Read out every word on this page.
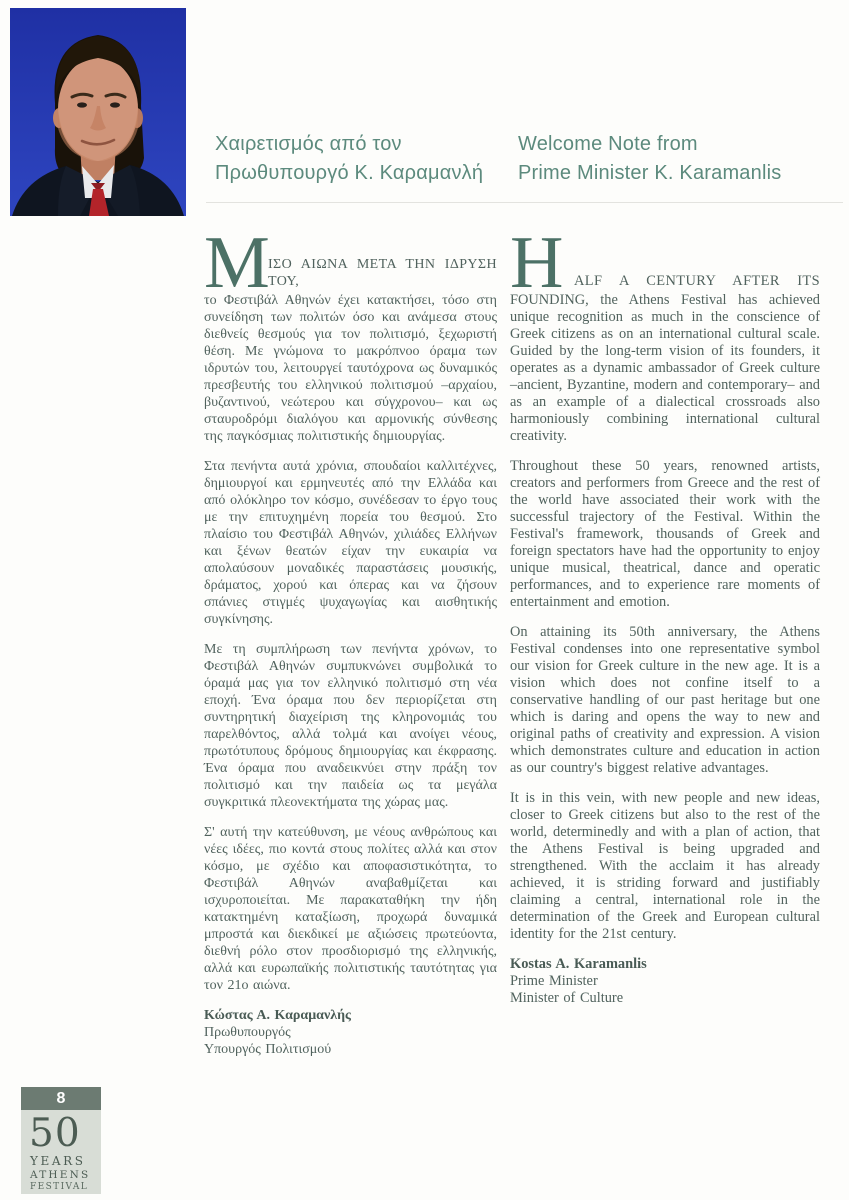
Χαιρετισμός από τον
Πρωθυπουργό Κ. Καραμανλή
Welcome Note from
Prime Minister K. Karamanlis
Μ
ΙΣΟ ΑΙΩΝΑ ΜΕΤΑ ΤΗΝ ΙΔΡΥΣΗ ΤΟΥ,

το Φεστιβάλ Αθηνών έχει κατακτήσει, τόσο στη συνείδηση των πολιτών όσο και ανάμεσα στους διεθνείς θεσμούς για τον πολιτισμό, ξεχωριστή θέση. Με γνώμονα το μακρόπνοο όραμα των ιδρυτών του, λειτουργεί ταυτόχρονα ως δυναμικός πρεσβευτής του ελληνικού πολιτισμού –αρχαίου, βυζαντινού, νεώτερου και σύγχρονου– και ως σταυροδρόμι διαλόγου και αρμονικής σύνθεσης της παγκόσμιας πολιτιστικής δημιουργίας.

Στα πενήντα αυτά χρόνια, σπουδαίοι καλλιτέχνες, δημιουργοί και ερμηνευτές από την Ελλάδα και από ολόκληρο τον κόσμο, συνέδεσαν το έργο τους με την επιτυχημένη πορεία του θεσμού. Στο πλαίσιο του Φεστιβάλ Αθηνών, χιλιάδες Ελλήνων και ξένων θεατών είχαν την ευκαιρία να απολαύσουν μοναδικές παραστάσεις μουσικής, δράματος, χορού και όπερας και να ζήσουν σπάνιες στιγμές ψυχαγωγίας και αισθητικής συγκίνησης.

Με τη συμπλήρωση των πενήντα χρόνων, το Φεστιβάλ Αθηνών συμπυκνώνει συμβολικά το όραμά μας για τον ελληνικό πολιτισμό στη νέα εποχή. Ένα όραμα που δεν περιορίζεται στη συντηρητική διαχείριση της κληρονομιάς του παρελθόντος, αλλά τολμά και ανοίγει νέους, πρωτότυπους δρόμους δημιουργίας και έκφρασης. Ένα όραμα που αναδεικνύει στην πράξη τον πολιτισμό και την παιδεία ως τα μεγάλα συγκριτικά πλεονεκτήματα της χώρας μας.

Σ' αυτή την κατεύθυνση, με νέους ανθρώπους και νέες ιδέες, πιο κοντά στους πολίτες αλλά και στον κόσμο, με σχέδιο και αποφασιστικότητα, το Φεστιβάλ Αθηνών αναβαθμίζεται και ισχυροποιείται. Με παρακαταθήκη την ήδη κατακτημένη καταξίωση, προχωρά δυναμικά μπροστά και διεκδικεί με αξιώσεις πρωτεύοντα, διεθνή ρόλο στον προσδιορισμό της ελληνικής, αλλά και ευρωπαϊκής πολιτιστικής ταυτότητας για τον 21ο αιώνα.

Κώστας Α. Καραμανλής
Πρωθυπουργός
Υπουργός Πολιτισμού
H ALF A CENTURY AFTER ITS

FOUNDING, the Athens Festival has achieved unique recognition as much in the conscience of Greek citizens as on an international cultural scale. Guided by the long-term vision of its founders, it operates as a dynamic ambassador of Greek culture –ancient, Byzantine, modern and contemporary– and as an example of a dialectical crossroads also harmoniously combining international cultural creativity.

Throughout these 50 years, renowned artists, creators and performers from Greece and the rest of the world have associated their work with the successful trajectory of the Festival. Within the Festival's framework, thousands of Greek and foreign spectators have had the opportunity to enjoy unique musical, theatrical, dance and operatic performances, and to experience rare moments of entertainment and emotion.

On attaining its 50th anniversary, the Athens Festival condenses into one representative symbol our vision for Greek culture in the new age. It is a vision which does not confine itself to a conservative handling of our past heritage but one which is daring and opens the way to new and original paths of creativity and expression. A vision which demonstrates culture and education in action as our country's biggest relative advantages.

It is in this vein, with new people and new ideas, closer to Greek citizens but also to the rest of the world, determinedly and with a plan of action, that the Athens Festival is being upgraded and strengthened. With the acclaim it has already achieved, it is striding forward and justifiably claiming a central, international role in the determination of the Greek and European cultural identity for the 21st century.

Kostas A. Karamanlis
Prime Minister
Minister of Culture
8
50
YEARS
ATHENS
FESTIVAL
